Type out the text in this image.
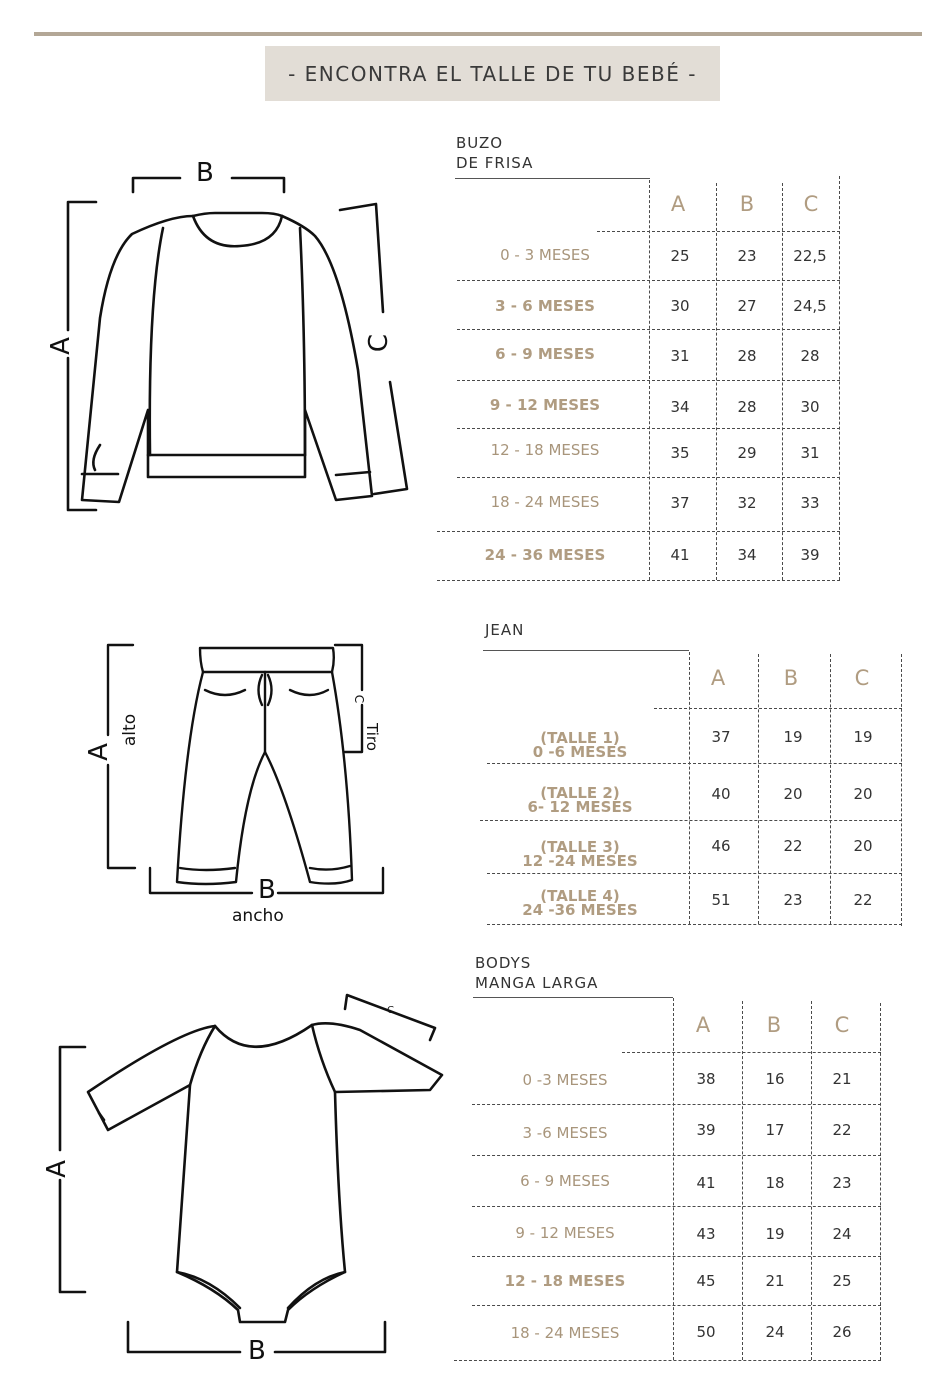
- ENCONTRA EL TALLE DE TU BEBÉ -
BUZO
DE FRISA
A	B	C
0 - 3 MESES	25	23	22,5
3 - 6 MESES	30	27	24,5
6 - 9 MESES	31	28	28
9 - 12 MESES	34	28	30
12 - 18 MESES	35	29	31
18 - 24 MESES	37	32	33
24 - 36 MESES	41	34	39
B
A	C
JEAN
A	B	C
(TALLE 1)
0 -6 MESES
37	19	19
(TALLE 2)
6- 12 MESES
40	20	20
(TALLE 3)
12 -24 MESES
46	22	20
(TALLE 4)
24 -36 MESES
51	23	22
A
alto
B
ancho
C
Tiro
BODYS
MANGA LARGA
A	B	C
0 -3 MESES	38	16	21
3 -6 MESES	39	17	22
6 - 9 MESES	41	18	23
9 - 12 MESES	43	19	24
12 - 18 MESES	45	21	25
18 - 24 MESES	50	24	26
A
B
C
